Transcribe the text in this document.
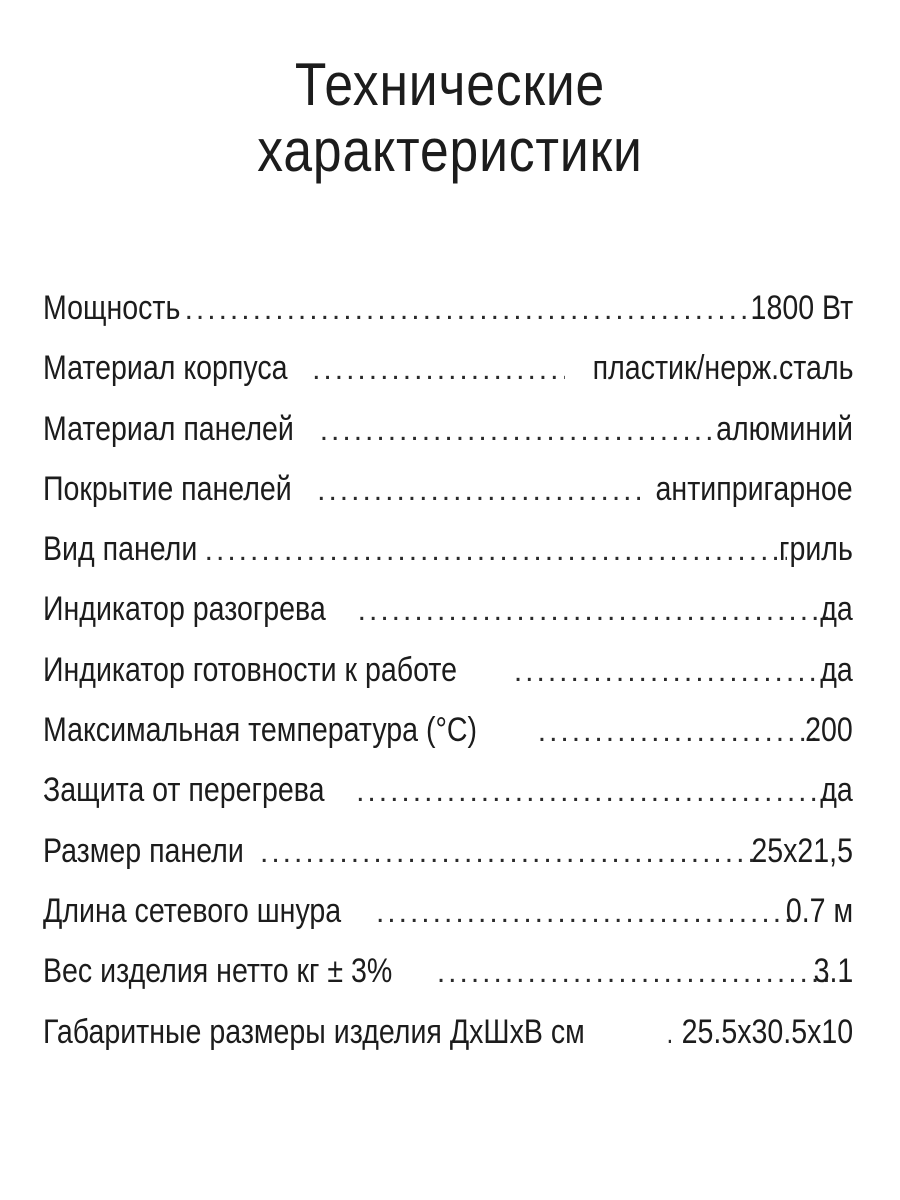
Технические
характеристики
Мощность .....	1800 Вт
Материал корпуса .....	пластик/нерж.сталь
Материал панелей .....	алюминий
Покрытие панелей .....	антипригарное
Вид панели .....	гриль
Индикатор разогрева .....	да
Индикатор готовности к работе .....	да
Максимальная температура (°С) .....	200
Защита от перегрева .....	да
Размер панели .....	25х21,5
Длина сетевого шнура .....	0.7 м
Вес изделия нетто кг ± 3% .....	3.1
Габаритные размеры изделия ДхШхВ см .....	25.5х30.5х10
